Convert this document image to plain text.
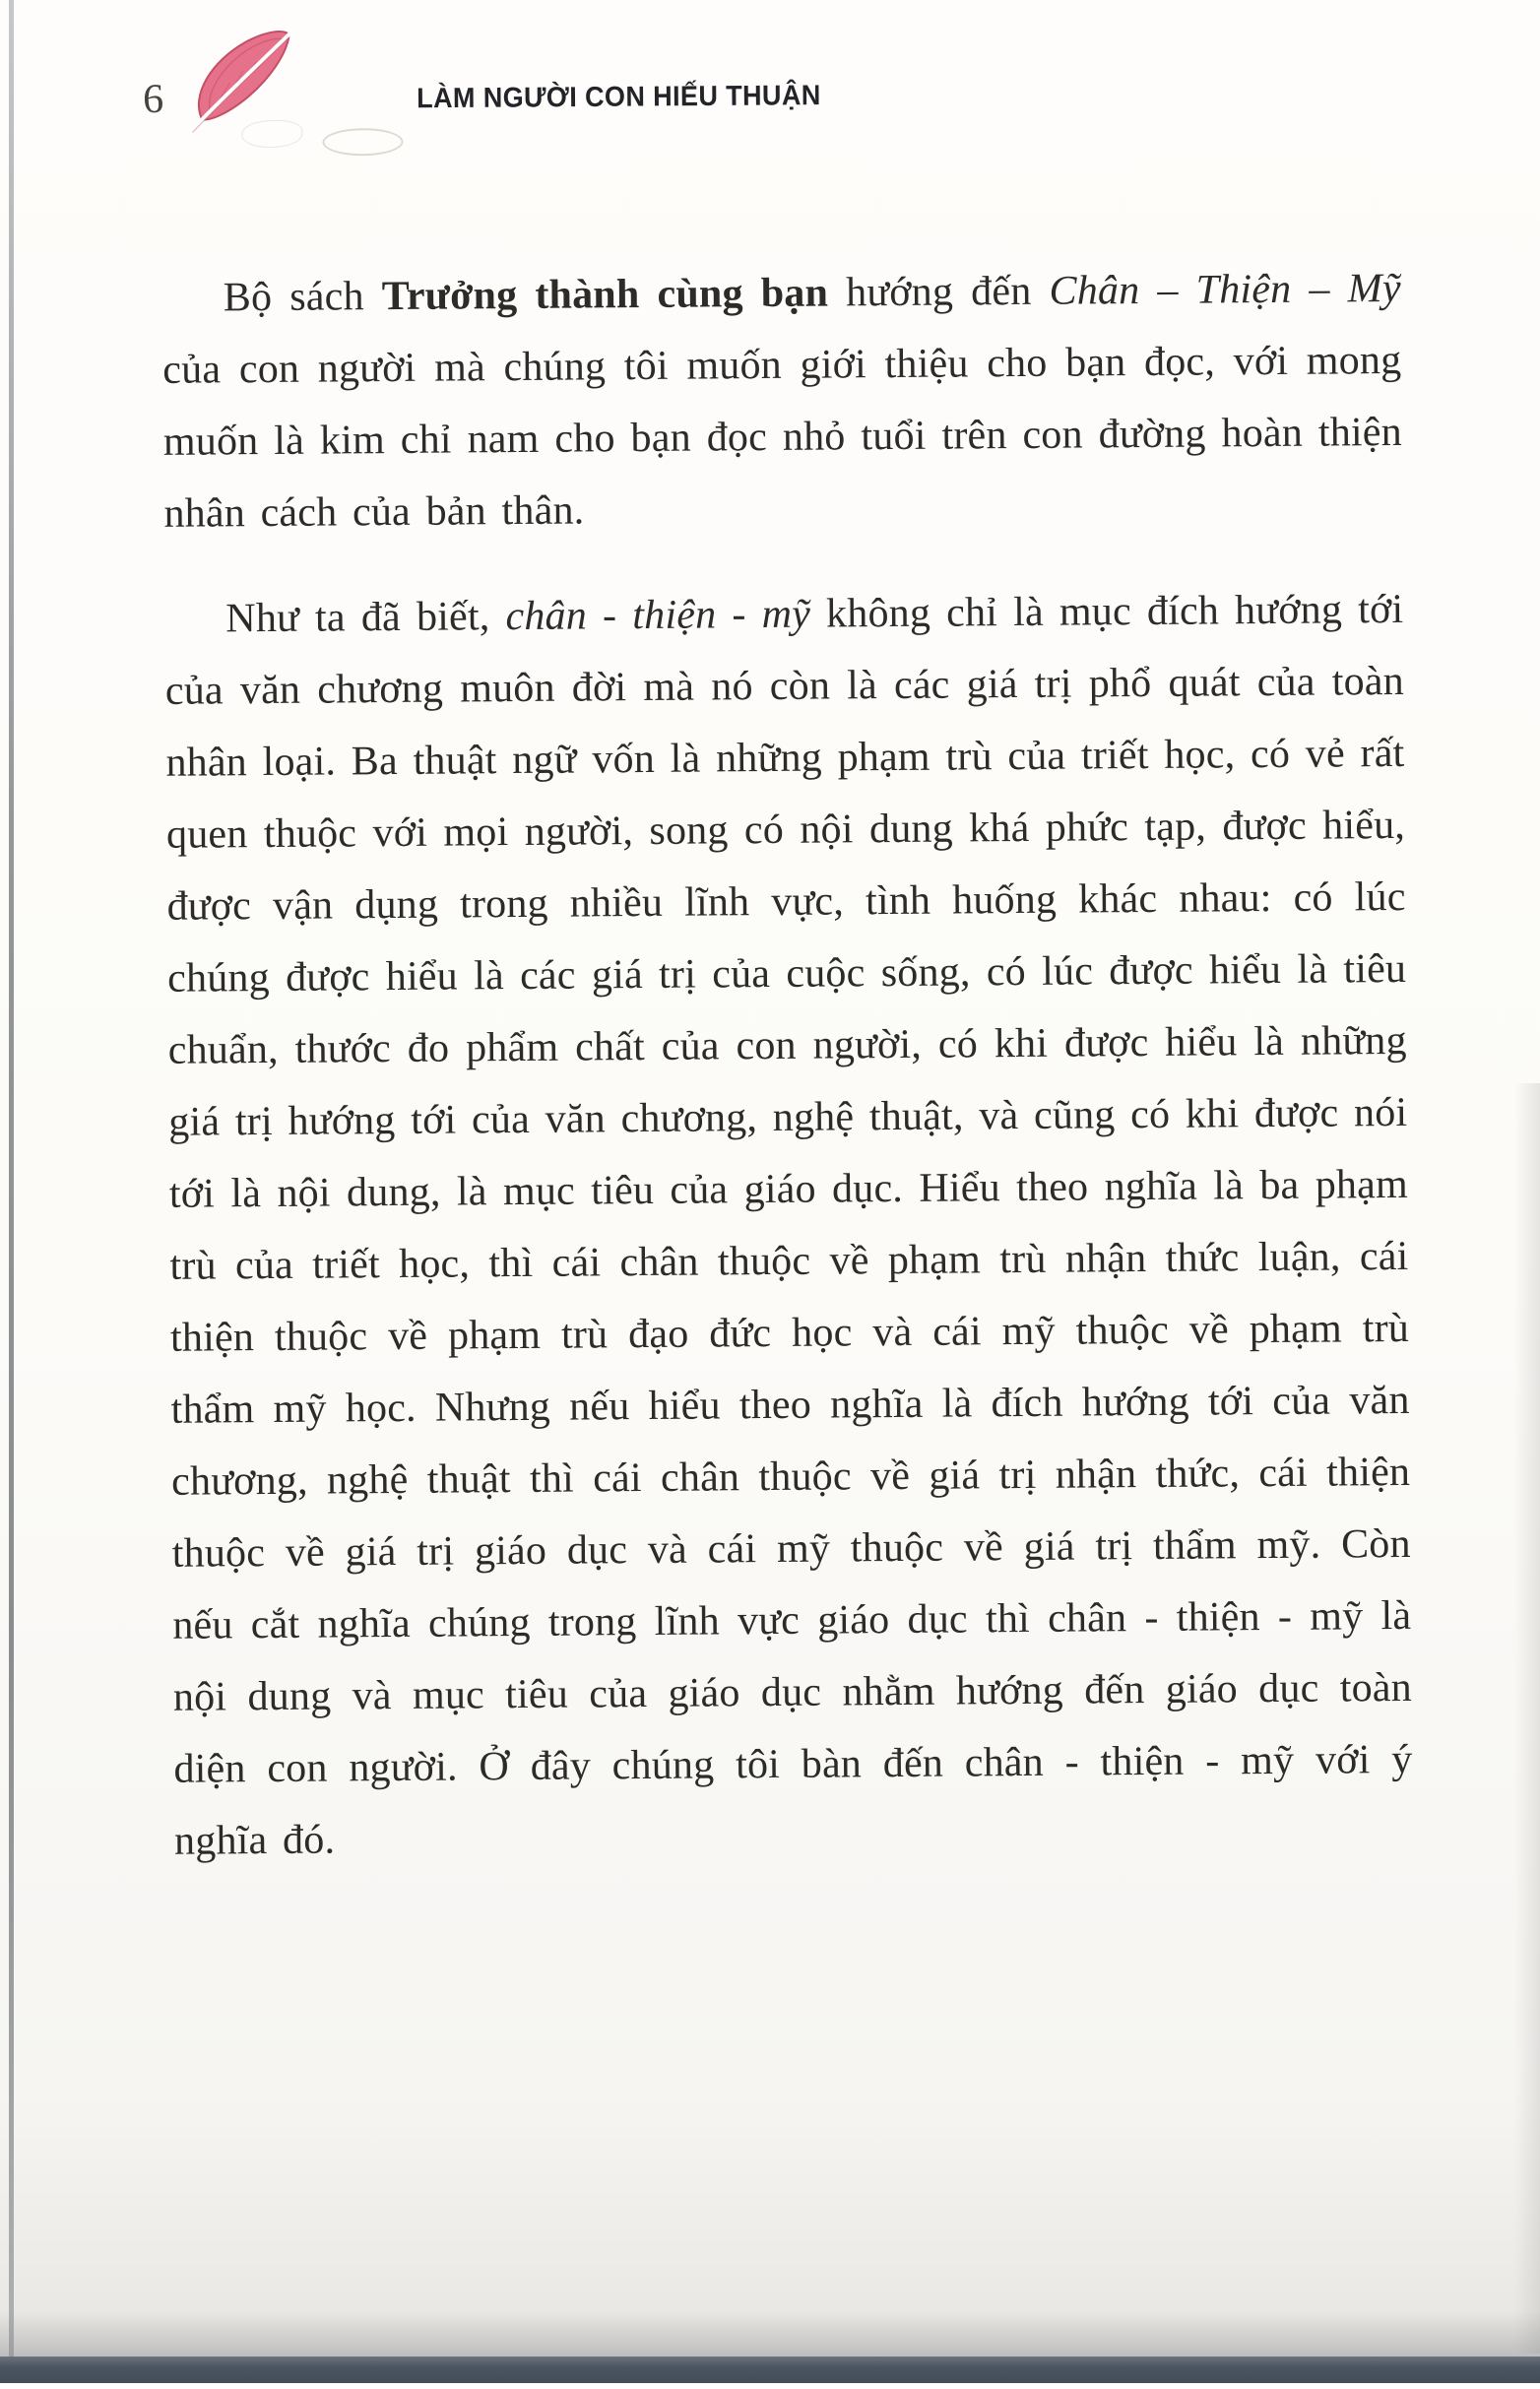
6	LÀM NGƯỜI CON HIẾU THUẬN

Bộ sách Trưởng thành cùng bạn hướng đến Chân – Thiện – Mỹ của con người mà chúng tôi muốn giới thiệu cho bạn đọc, với mong muốn là kim chỉ nam cho bạn đọc nhỏ tuổi trên con đường hoàn thiện nhân cách của bản thân.

Như ta đã biết, chân - thiện - mỹ không chỉ là mục đích hướng tới của văn chương muôn đời mà nó còn là các giá trị phổ quát của toàn nhân loại. Ba thuật ngữ vốn là những phạm trù của triết học, có vẻ rất quen thuộc với mọi người, song có nội dung khá phức tạp, được hiểu, được vận dụng trong nhiều lĩnh vực, tình huống khác nhau: có lúc chúng được hiểu là các giá trị của cuộc sống, có lúc được hiểu là tiêu chuẩn, thước đo phẩm chất của con người, có khi được hiểu là những giá trị hướng tới của văn chương, nghệ thuật, và cũng có khi được nói tới là nội dung, là mục tiêu của giáo dục. Hiểu theo nghĩa là ba phạm trù của triết học, thì cái chân thuộc về phạm trù nhận thức luận, cái thiện thuộc về phạm trù đạo đức học và cái mỹ thuộc về phạm trù thẩm mỹ học. Nhưng nếu hiểu theo nghĩa là đích hướng tới của văn chương, nghệ thuật thì cái chân thuộc về giá trị nhận thức, cái thiện thuộc về giá trị giáo dục và cái mỹ thuộc về giá trị thẩm mỹ. Còn nếu cắt nghĩa chúng trong lĩnh vực giáo dục thì chân - thiện - mỹ là nội dung và mục tiêu của giáo dục nhằm hướng đến giáo dục toàn diện con người. Ở đây chúng tôi bàn đến chân - thiện - mỹ với ý nghĩa đó.
